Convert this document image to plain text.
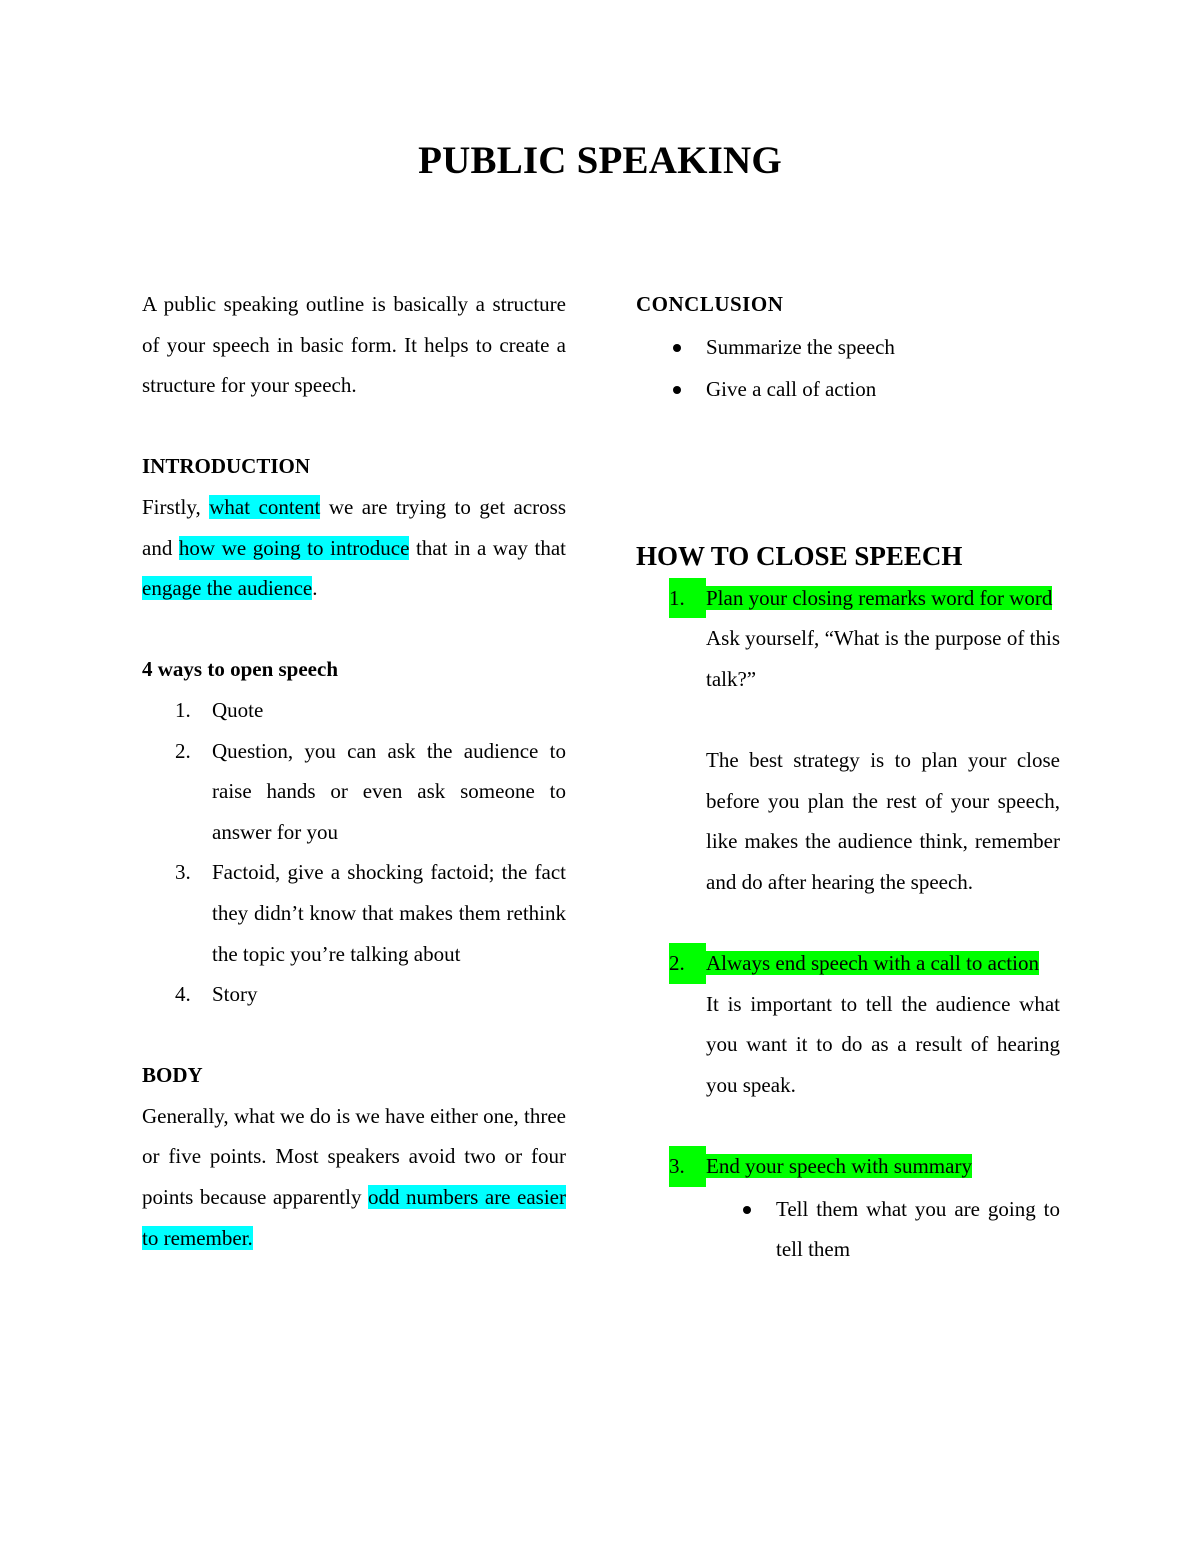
PUBLIC SPEAKING

A public speaking outline is basically a structure of your speech in basic form. It helps to create a structure for your speech.

INTRODUCTION

Firstly, what content we are trying to get across and how we going to introduce that in a way that engage the audience.

4 ways to open speech

1. Quote

2. Question, you can ask the audience to raise hands or even ask someone to answer for you

3. Factoid, give a shocking factoid; the fact they didn’t know that makes them rethink the topic you’re talking about

4. Story

BODY

Generally, what we do is we have either one, three or five points. Most speakers avoid two or four points because apparently odd numbers are easier to remember.

CONCLUSION

Summarize the speech

Give a call of action

HOW TO CLOSE SPEECH

1.	Plan your closing remarks word for word

Ask yourself, “What is the purpose of this talk?”

The best strategy is to plan your close before you plan the rest of your speech, like makes the audience think, remember and do after hearing the speech.

2.	Always end speech with a call to action

It is important to tell the audience what you want it to do as a result of hearing you speak.

3.	End your speech with summary

Tell them what you are going to tell them
